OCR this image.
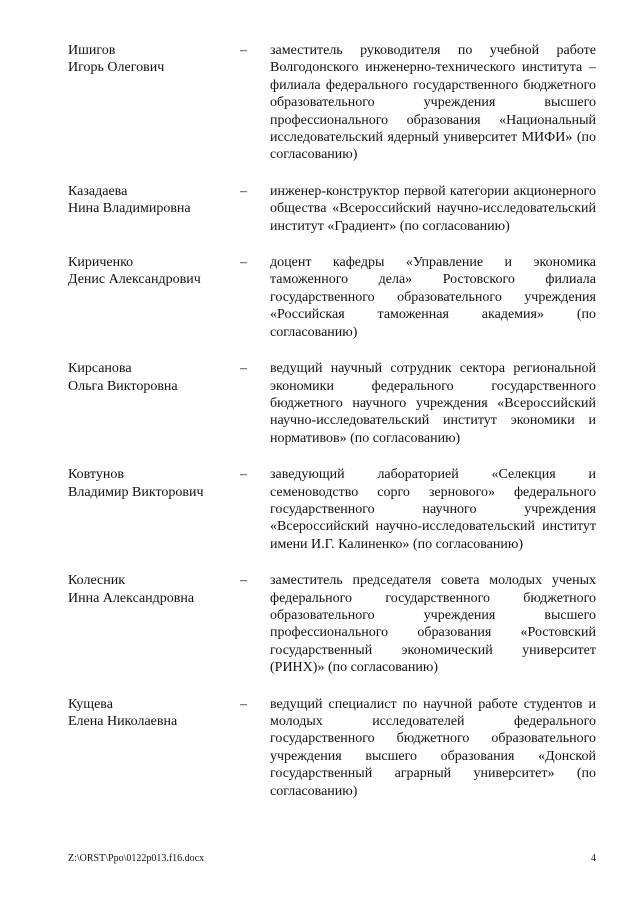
Ишигов
Игорь Олегович
– заместитель руководителя по учебной работе Волгодонского инженерно-технического института – филиала федерального государственного бюджетного образовательного учреждения высшего профессионального образования «Национальный исследовательский ядерный университет МИФИ» (по согласованию)
Казадаева
Нина Владимировна
– инженер-конструктор первой категории акционерного общества «Всероссийский научно-исследовательский институт «Градиент» (по согласованию)
Кириченко
Денис Александрович
– доцент кафедры «Управление и экономика таможенного дела» Ростовского филиала государственного образовательного учреждения «Российская таможенная академия» (по согласованию)
Кирсанова
Ольга Викторовна
– ведущий научный сотрудник сектора региональной экономики федерального государственного бюджетного научного учреждения «Всероссийский научно-исследовательский институт экономики и нормативов» (по согласованию)
Ковтунов
Владимир Викторович
– заведующий лабораторией «Селекция и семеноводство сорго зернового» федерального государственного научного учреждения «Всероссийский научно-исследовательский институт имени И.Г. Калиненко» (по согласованию)
Колесник
Инна Александровна
– заместитель председателя совета молодых ученых федерального государственного бюджетного образовательного учреждения высшего профессионального образования «Ростовский государственный экономический университет (РИНХ)» (по согласованию)
Кущева
Елена Николаевна
– ведущий специалист по научной работе студентов и молодых исследователей федерального государственного бюджетного образовательного учреждения высшего образования «Донской государственный аграрный университет» (по согласованию)
Z:\ORST\Ppo\0122p013.f16.docx	4
